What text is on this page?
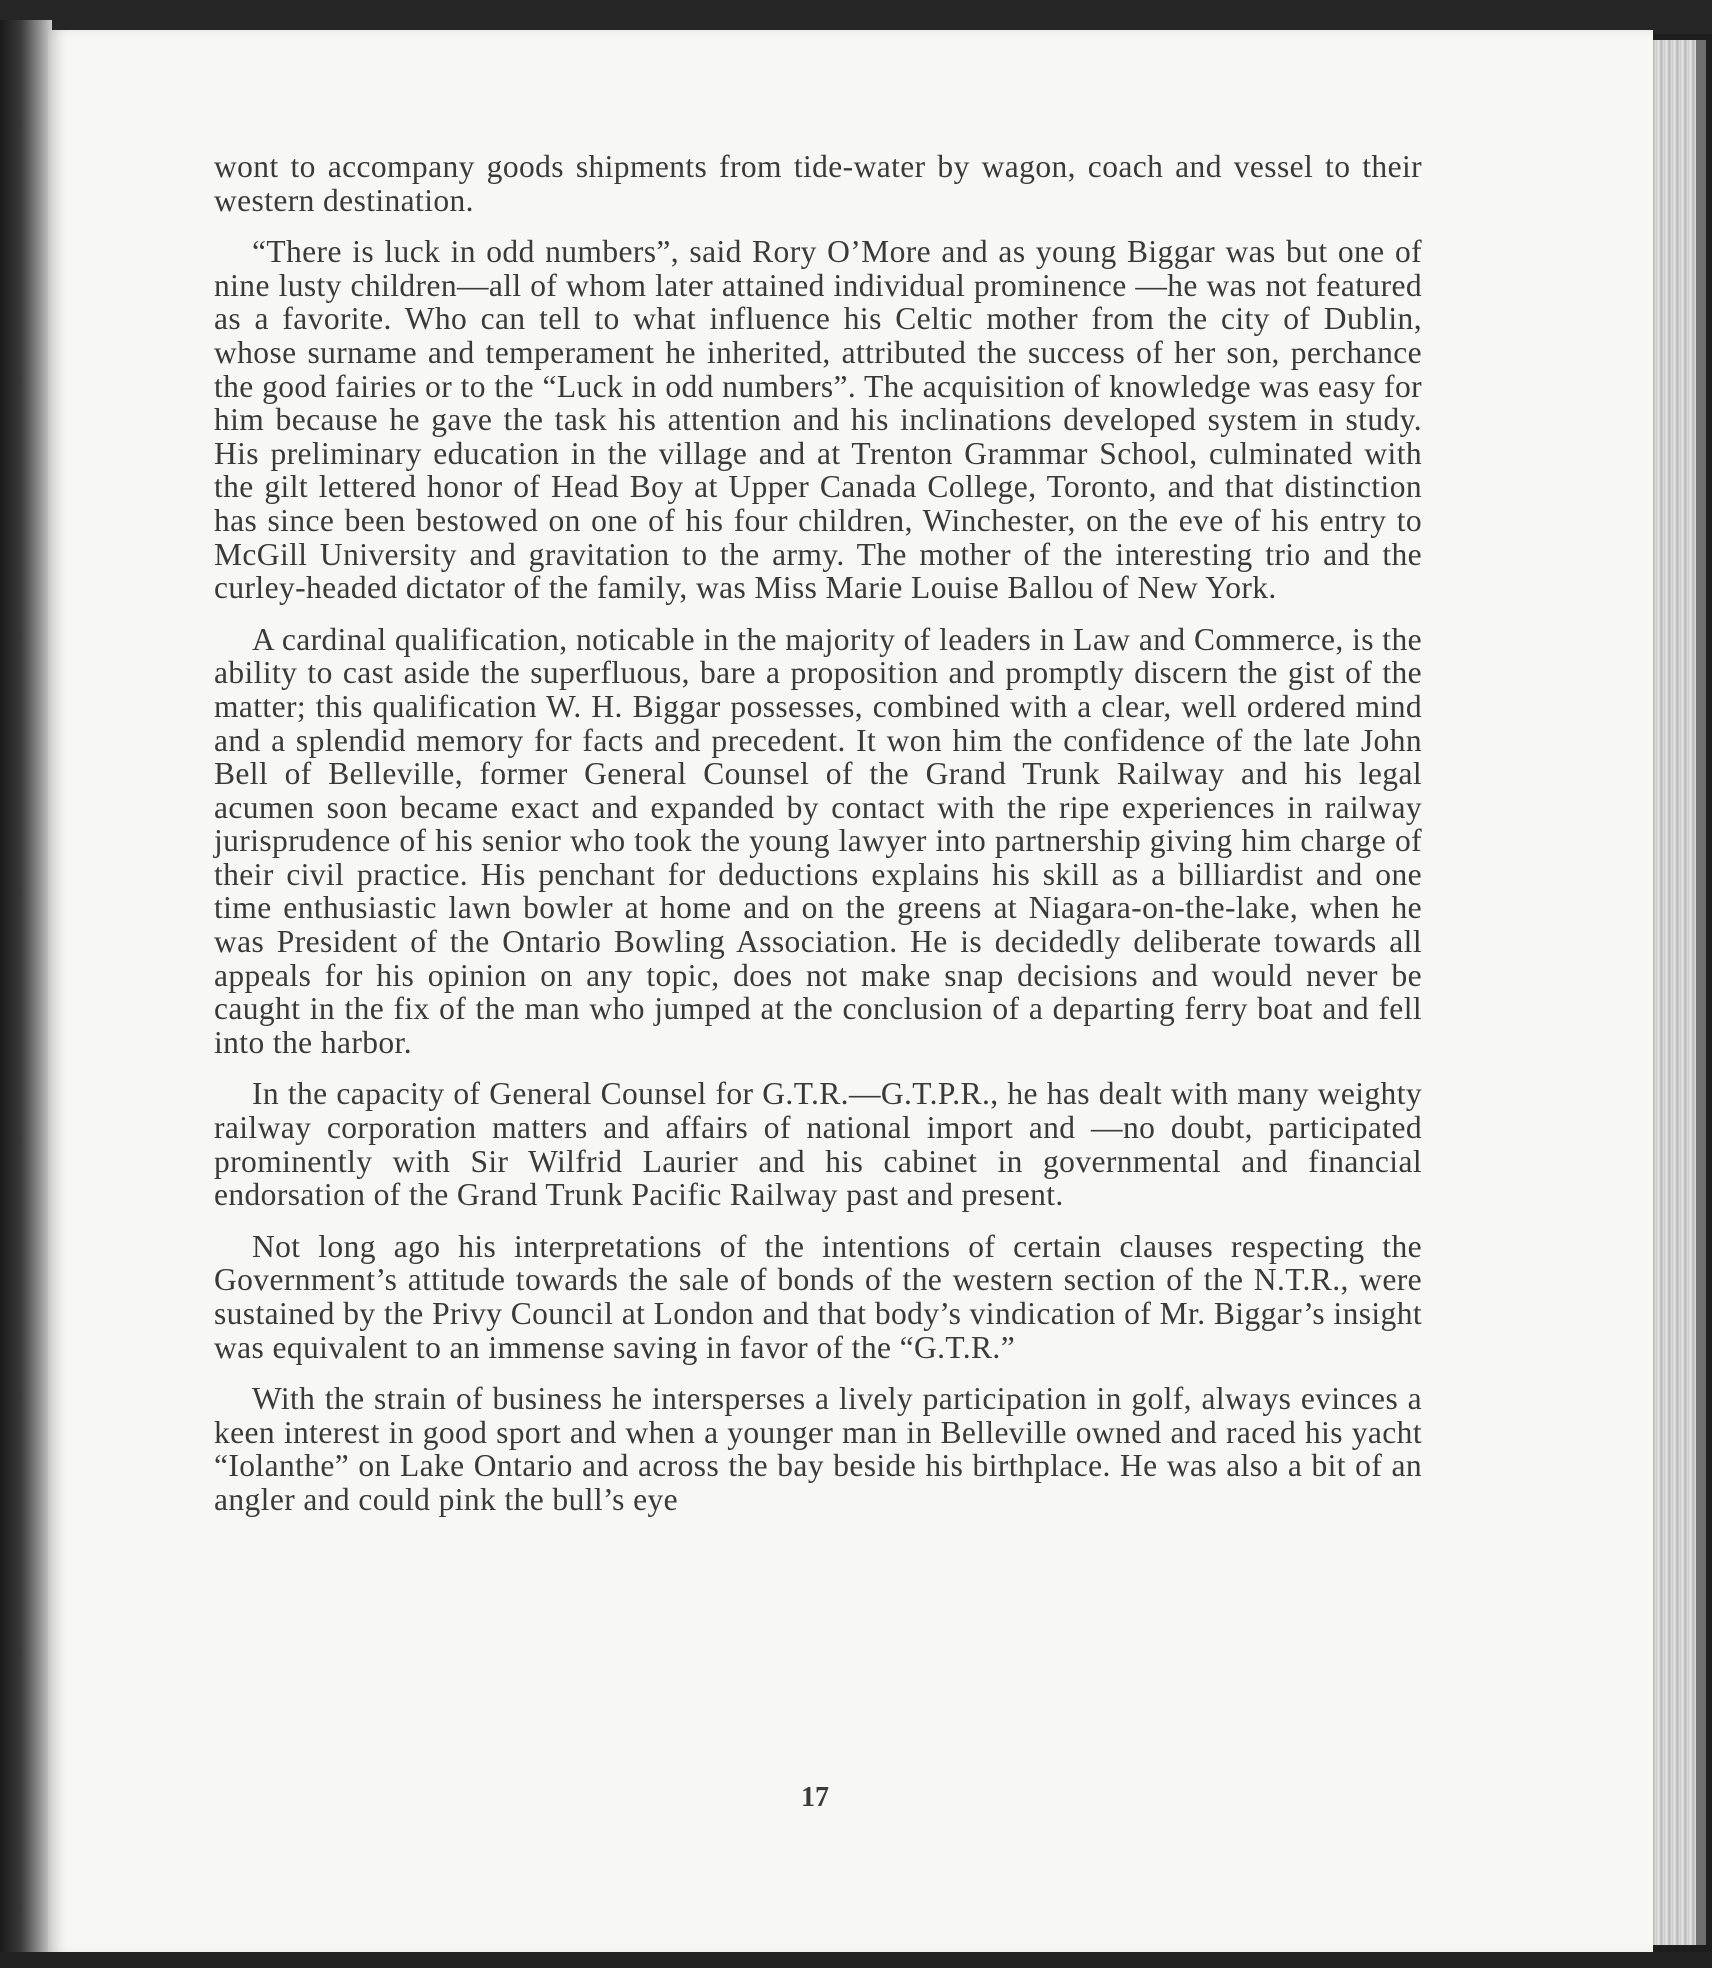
wont to accompany goods shipments from tide-water by wagon, coach and vessel to their western destination.

“There is luck in odd numbers”, said Rory O’More and as young Biggar was but one of nine lusty children—all of whom later attained individual prominence —he was not featured as a favorite. Who can tell to what influence his Celtic mother from the city of Dublin, whose surname and temperament he inherited, attributed the success of her son, perchance the good fairies or to the “Luck in odd numbers”. The acquisition of knowledge was easy for him because he gave the task his attention and his inclinations developed system in study. His preliminary education in the village and at Trenton Grammar School, culminated with the gilt lettered honor of Head Boy at Upper Canada College, Toronto, and that distinction has since been bestowed on one of his four children, Winchester, on the eve of his entry to McGill University and gravitation to the army. The mother of the interesting trio and the curley-headed dictator of the family, was Miss Marie Louise Ballou of New York.

A cardinal qualification, noticable in the majority of leaders in Law and Commerce, is the ability to cast aside the superfluous, bare a proposition and promptly discern the gist of the matter; this qualification W. H. Biggar possesses, combined with a clear, well ordered mind and a splendid memory for facts and precedent. It won him the confidence of the late John Bell of Belleville, former General Counsel of the Grand Trunk Railway and his legal acumen soon became exact and expanded by contact with the ripe experiences in railway jurisprudence of his senior who took the young lawyer into partnership giving him charge of their civil practice. His penchant for deductions explains his skill as a billiardist and one time enthusiastic lawn bowler at home and on the greens at Niagara-on-the-lake, when he was President of the Ontario Bowling Association. He is decidedly deliberate towards all appeals for his opinion on any topic, does not make snap decisions and would never be caught in the fix of the man who jumped at the conclusion of a departing ferry boat and fell into the harbor.

In the capacity of General Counsel for G.T.R.—G.T.P.R., he has dealt with many weighty railway corporation matters and affairs of national import and —no doubt, participated prominently with Sir Wilfrid Laurier and his cabinet in governmental and financial endorsation of the Grand Trunk Pacific Railway past and present.

Not long ago his interpretations of the intentions of certain clauses respecting the Government’s attitude towards the sale of bonds of the western section of the N.T.R., were sustained by the Privy Council at London and that body’s vindication of Mr. Biggar’s insight was equivalent to an immense saving in favor of the “G.T.R.”

With the strain of business he intersperses a lively participation in golf, always evinces a keen interest in good sport and when a younger man in Belleville owned and raced his yacht “Iolanthe” on Lake Ontario and across the bay beside his birthplace. He was also a bit of an angler and could pink the bull’s eye

17
